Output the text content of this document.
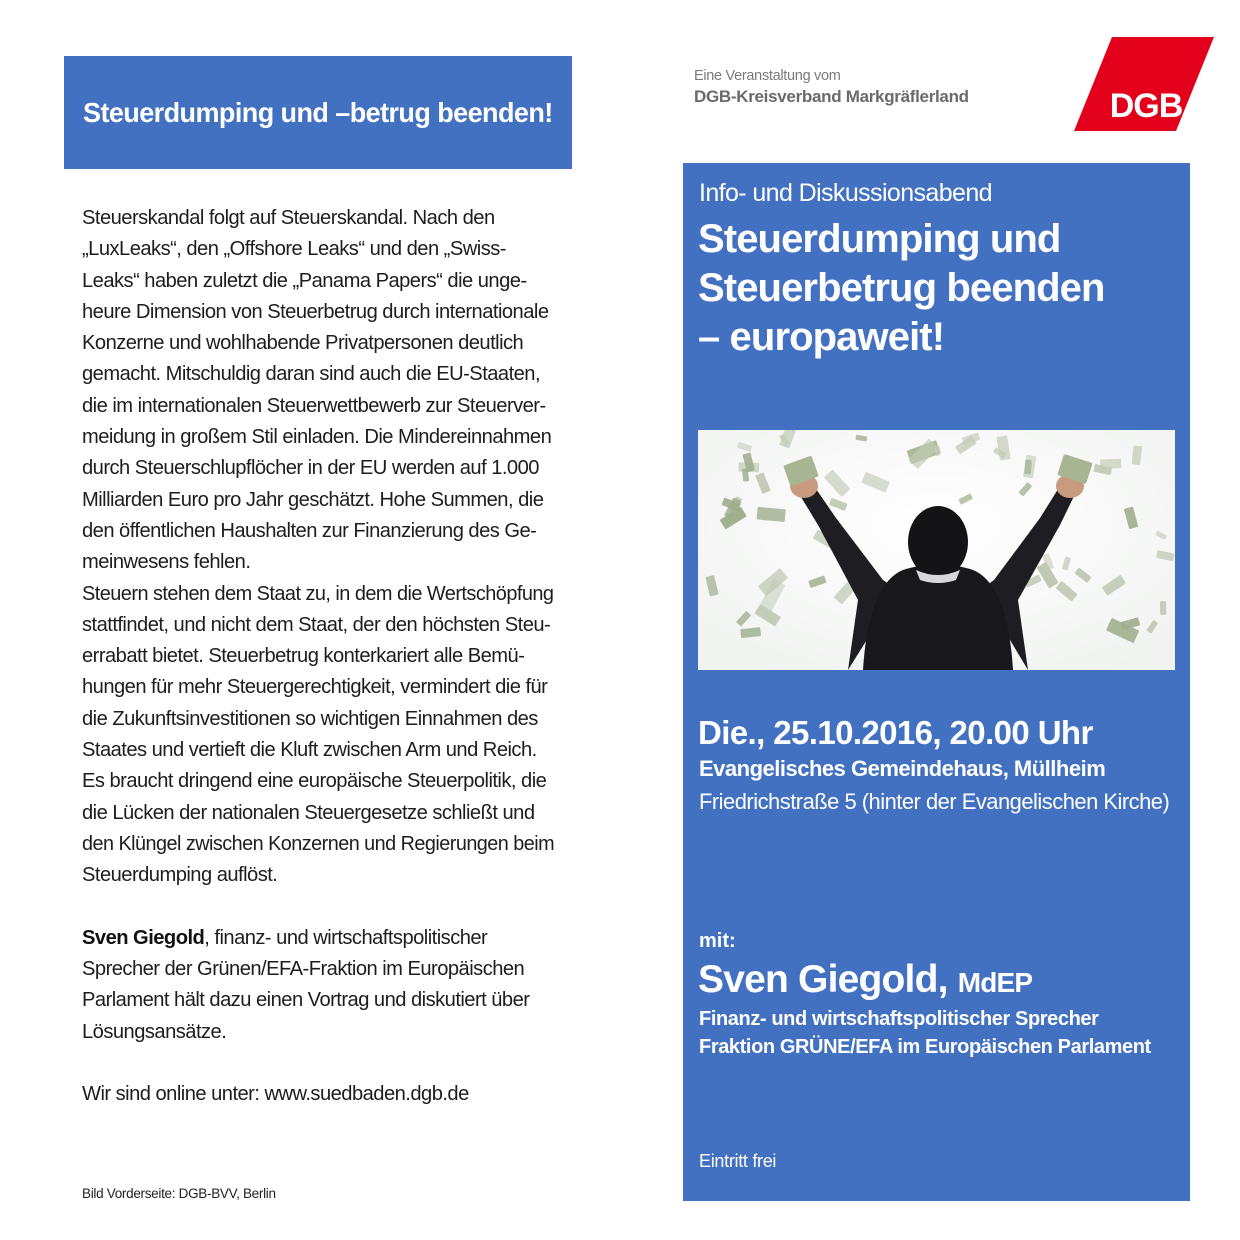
Steuerdumping und –betrug beenden!
Steuerskandal folgt auf Steuerskandal. Nach den
„LuxLeaks“, den „Offshore Leaks“ und den „Swiss-
Leaks“ haben zuletzt die „Panama Papers“ die unge-
heure Dimension von Steuerbetrug durch internationale
Konzerne und wohlhabende Privatpersonen deutlich
gemacht. Mitschuldig daran sind auch die EU-Staaten,
die im internationalen Steuerwettbewerb zur Steuerver-
meidung in großem Stil einladen. Die Mindereinnahmen
durch Steuerschlupflöcher in der EU werden auf 1.000
Milliarden Euro pro Jahr geschätzt. Hohe Summen, die
den öffentlichen Haushalten zur Finanzierung des Ge-
meinwesens fehlen.
Steuern stehen dem Staat zu, in dem die Wertschöpfung
stattfindet, und nicht dem Staat, der den höchsten Steu-
errabatt bietet. Steuerbetrug konterkariert alle Bemü-
hungen für mehr Steuergerechtigkeit, vermindert die für
die Zukunftsinvestitionen so wichtigen Einnahmen des
Staates und vertieft die Kluft zwischen Arm und Reich.
Es braucht dringend eine europäische Steuerpolitik, die
die Lücken der nationalen Steuergesetze schließt und
den Klüngel zwischen Konzernen und Regierungen beim
Steuerdumping auflöst.
Sven Giegold, finanz- und wirtschaftspolitischer
Sprecher der Grünen/EFA-Fraktion im Europäischen
Parlament hält dazu einen Vortrag und diskutiert über
Lösungsansätze.
Wir sind online unter: www.suedbaden.dgb.de
Bild Vorderseite: DGB-BVV, Berlin
Eine Veranstaltung vom
DGB-Kreisverband Markgräflerland	DGB
Info- und Diskussionsabend
Steuerdumping und
Steuerbetrug beenden
– europaweit!
Die., 25.10.2016, 20.00 Uhr
Evangelisches Gemeindehaus, Müllheim
Friedrichstraße 5 (hinter der Evangelischen Kirche)
mit:
Sven Giegold, MdEP
Finanz- und wirtschaftspolitischer Sprecher
Fraktion GRÜNE/EFA im Europäischen Parlament
Eintritt frei
